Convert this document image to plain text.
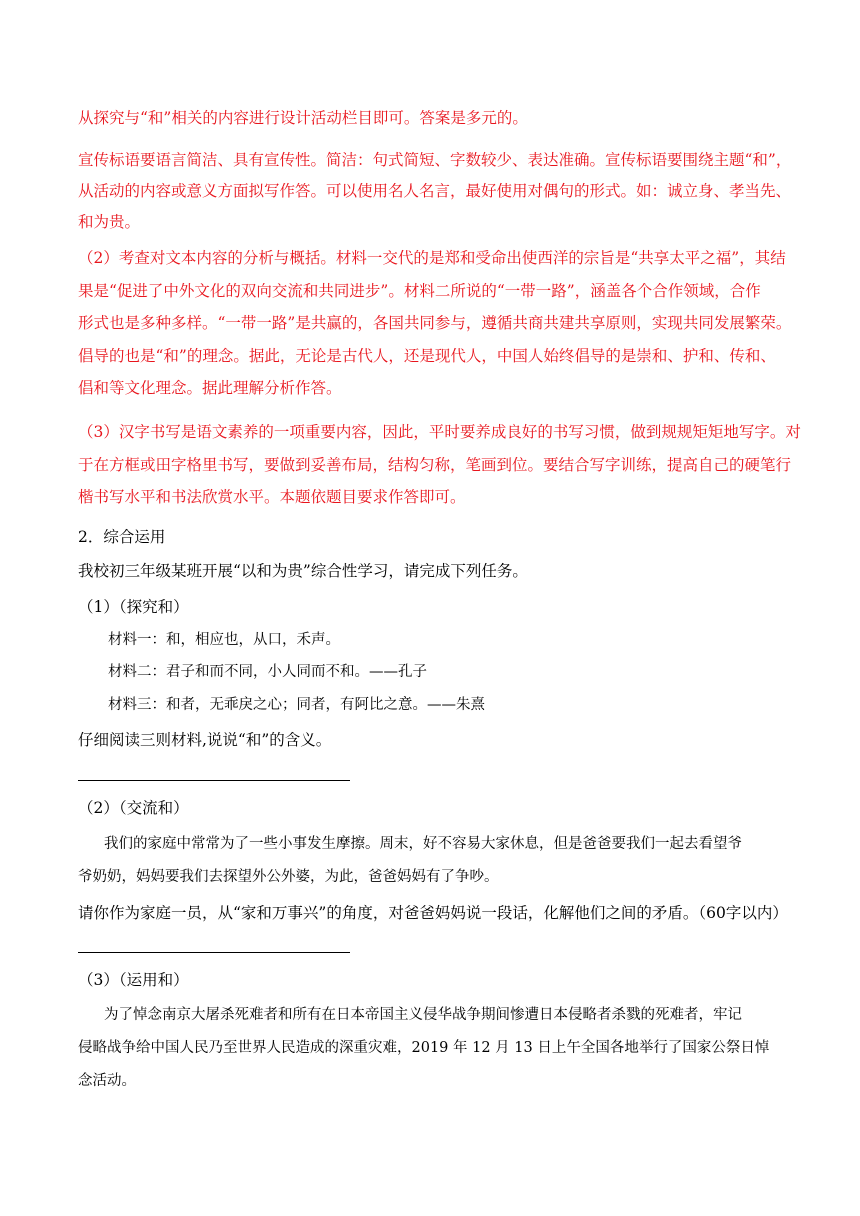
从探究与“和”相关的内容进行设计活动栏目即可。答案是多元的。

宣传标语要语言简洁、具有宣传性。简洁：句式简短、字数较少、表达准确。宣传标语要围绕主题“和”，

从活动的内容或意义方面拟写作答。可以使用名人名言，最好使用对偶句的形式。如：诚立身、孝当先、

和为贵。

（2）考查对文本内容的分析与概括。材料一交代的是郑和受命出使西洋的宗旨是“共享太平之福”，其结

果是“促进了中外文化的双向交流和共同进步”。材料二所说的“一带一路”，涵盖各个合作领域，合作

形式也是多种多样。“一带一路”是共赢的，各国共同参与，遵循共商共建共享原则，实现共同发展繁荣。

倡导的也是“和”的理念。据此，无论是古代人，还是现代人，中国人始终倡导的是崇和、护和、传和、

倡和等文化理念。据此理解分析作答。

（3）汉字书写是语文素养的一项重要内容，因此，平时要养成良好的书写习惯，做到规规矩矩地写字。对

于在方框或田字格里书写，要做到妥善布局，结构匀称，笔画到位。要结合写字训练，提高自己的硬笔行

楷书写水平和书法欣赏水平。本题依题目要求作答即可。

2．综合运用

我校初三年级某班开展“以和为贵”综合性学习，请完成下列任务。

（1）（探究和）

材料一：和，相应也，从口，禾声。

材料二：君子和而不同，小人同而不和。——孔子

材料三：和者，无乖戾之心；同者，有阿比之意。——朱熹

仔细阅读三则材料,说说“和”的含义。

（2）（交流和）

我们的家庭中常常为了一些小事发生摩擦。周末，好不容易大家休息，但是爸爸要我们一起去看望爷

爷奶奶，妈妈要我们去探望外公外婆，为此，爸爸妈妈有了争吵。

请你作为家庭一员，从“家和万事兴”的角度，对爸爸妈妈说一段话，化解他们之间的矛盾。（60字以内）

（3）（运用和）

为了悼念南京大屠杀死难者和所有在日本帝国主义侵华战争期间惨遭日本侵略者杀戮的死难者，牢记

侵略战争给中国人民乃至世界人民造成的深重灾难，2019 年 12 月 13 日上午全国各地举行了国家公祭日悼

念活动。
